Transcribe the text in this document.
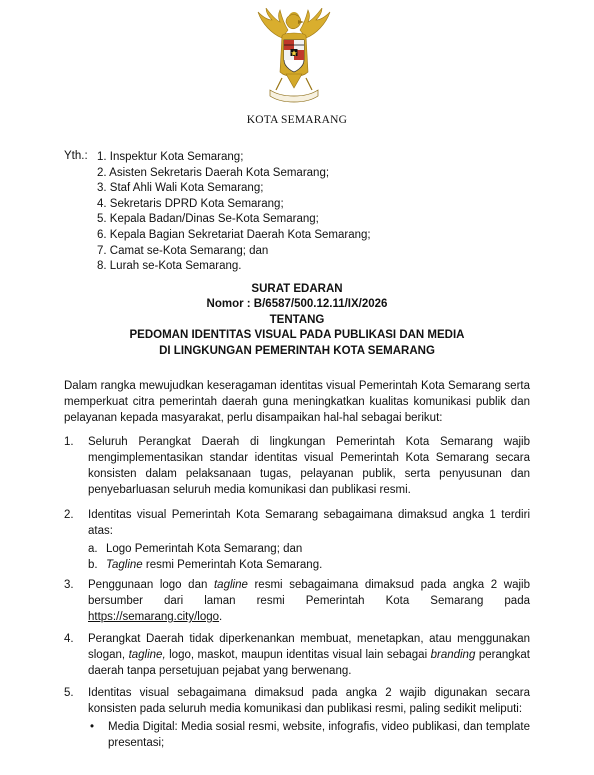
KOTA SEMARANG
Yth.: 1. Inspektur Kota Semarang;
2. Asisten Sekretaris Daerah Kota Semarang;
3. Staf Ahli Wali Kota Semarang;
4. Sekretaris DPRD Kota Semarang;
5. Kepala Badan/Dinas Se-Kota Semarang;
6. Kepala Bagian Sekretariat Daerah Kota Semarang;
7. Camat se-Kota Semarang; dan
8. Lurah se-Kota Semarang.
SURAT EDARAN
Nomor : B/6587/500.12.11/IX/2026
TENTANG
PEDOMAN IDENTITAS VISUAL PADA PUBLIKASI DAN MEDIA
DI LINGKUNGAN PEMERINTAH KOTA SEMARANG
Dalam rangka mewujudkan keseragaman identitas visual Pemerintah Kota Semarang serta memperkuat citra pemerintah daerah guna meningkatkan kualitas komunikasi publik dan pelayanan kepada masyarakat, perlu disampaikan hal-hal sebagai berikut:
1. Seluruh Perangkat Daerah di lingkungan Pemerintah Kota Semarang wajib mengimplementasikan standar identitas visual Pemerintah Kota Semarang secara konsisten dalam pelaksanaan tugas, pelayanan publik, serta penyusunan dan penyebarluasan seluruh media komunikasi dan publikasi resmi.
2. Identitas visual Pemerintah Kota Semarang sebagaimana dimaksud angka 1 terdiri atas:
a. Logo Pemerintah Kota Semarang; dan
b. Tagline resmi Pemerintah Kota Semarang.
3. Penggunaan logo dan tagline resmi sebagaimana dimaksud pada angka 2 wajib bersumber dari laman resmi Pemerintah Kota Semarang pada https://semarang.city/logo.
4. Perangkat Daerah tidak diperkenankan membuat, menetapkan, atau menggunakan slogan, tagline, logo, maskot, maupun identitas visual lain sebagai branding perangkat daerah tanpa persetujuan pejabat yang berwenang.
5. Identitas visual sebagaimana dimaksud pada angka 2 wajib digunakan secara konsisten pada seluruh media komunikasi dan publikasi resmi, paling sedikit meliputi:
• Media Digital: Media sosial resmi, website, infografis, video publikasi, dan template presentasi;
